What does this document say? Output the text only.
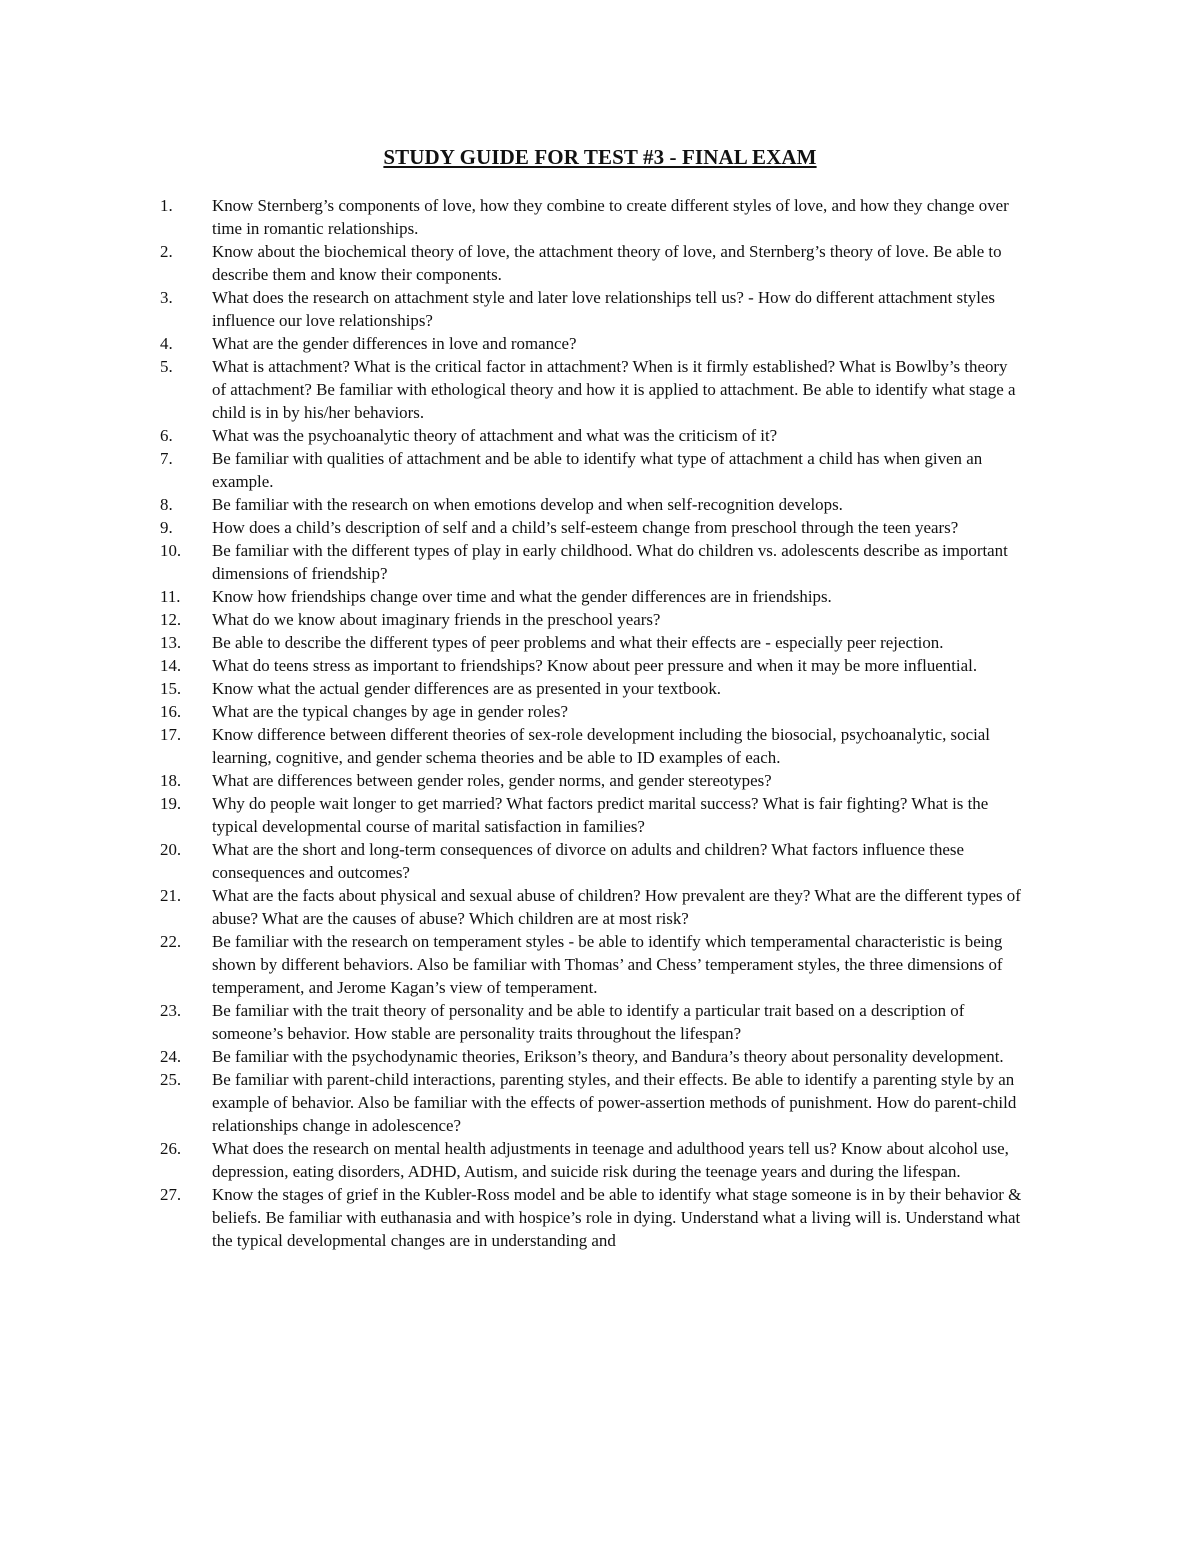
STUDY GUIDE FOR TEST #3 - FINAL EXAM
1.	Know Sternberg’s components of love, how they combine to create different styles of love, and how they change over time in romantic relationships.
2.	Know about the biochemical theory of love, the attachment theory of love, and Sternberg’s theory of love. Be able to describe them and know their components.
3.	What does the research on attachment style and later love relationships tell us? - How do different attachment styles influence our love relationships?
4.	What are the gender differences in love and romance?
5.	What is attachment? What is the critical factor in attachment? When is it firmly established? What is Bowlby’s theory of attachment? Be familiar with ethological theory and how it is applied to attachment. Be able to identify what stage a child is in by his/her behaviors.
6.	What was the psychoanalytic theory of attachment and what was the criticism of it?
7.	Be familiar with qualities of attachment and be able to identify what type of attachment a child has when given an example.
8.	Be familiar with the research on when emotions develop and when self-recognition develops.
9.	How does a child’s description of self and a child’s self-esteem change from preschool through the teen years?
10.	Be familiar with the different types of play in early childhood. What do children vs. adolescents describe as important dimensions of friendship?
11.	Know how friendships change over time and what the gender differences are in friendships.
12.	What do we know about imaginary friends in the preschool years?
13.	Be able to describe the different types of peer problems and what their effects are - especially peer rejection.
14.	What do teens stress as important to friendships? Know about peer pressure and when it may be more influential.
15.	Know what the actual gender differences are as presented in your textbook.
16.	What are the typical changes by age in gender roles?
17.	Know difference between different theories of sex-role development including the biosocial, psychoanalytic, social learning, cognitive, and gender schema theories and be able to ID examples of each.
18.	What are differences between gender roles, gender norms, and gender stereotypes?
19.	Why do people wait longer to get married? What factors predict marital success? What is fair fighting? What is the typical developmental course of marital satisfaction in families?
20.	What are the short and long-term consequences of divorce on adults and children? What factors influence these consequences and outcomes?
21.	What are the facts about physical and sexual abuse of children? How prevalent are they? What are the different types of abuse? What are the causes of abuse? Which children are at most risk?
22.	Be familiar with the research on temperament styles - be able to identify which temperamental characteristic is being shown by different behaviors. Also be familiar with Thomas’ and Chess’ temperament styles, the three dimensions of temperament, and Jerome Kagan’s view of temperament.
23.	Be familiar with the trait theory of personality and be able to identify a particular trait based on a description of someone’s behavior. How stable are personality traits throughout the lifespan?
24.	Be familiar with the psychodynamic theories, Erikson’s theory, and Bandura’s theory about personality development.
25.	Be familiar with parent-child interactions, parenting styles, and their effects. Be able to identify a parenting style by an example of behavior. Also be familiar with the effects of power-assertion methods of punishment. How do parent-child relationships change in adolescence?
26.	What does the research on mental health adjustments in teenage and adulthood years tell us? Know about alcohol use, depression, eating disorders, ADHD, Autism, and suicide risk during the teenage years and during the lifespan.
27.	Know the stages of grief in the Kubler-Ross model and be able to identify what stage someone is in by their behavior & beliefs. Be familiar with euthanasia and with hospice’s role in dying. Understand what a living will is. Understand what the typical developmental changes are in understanding and
